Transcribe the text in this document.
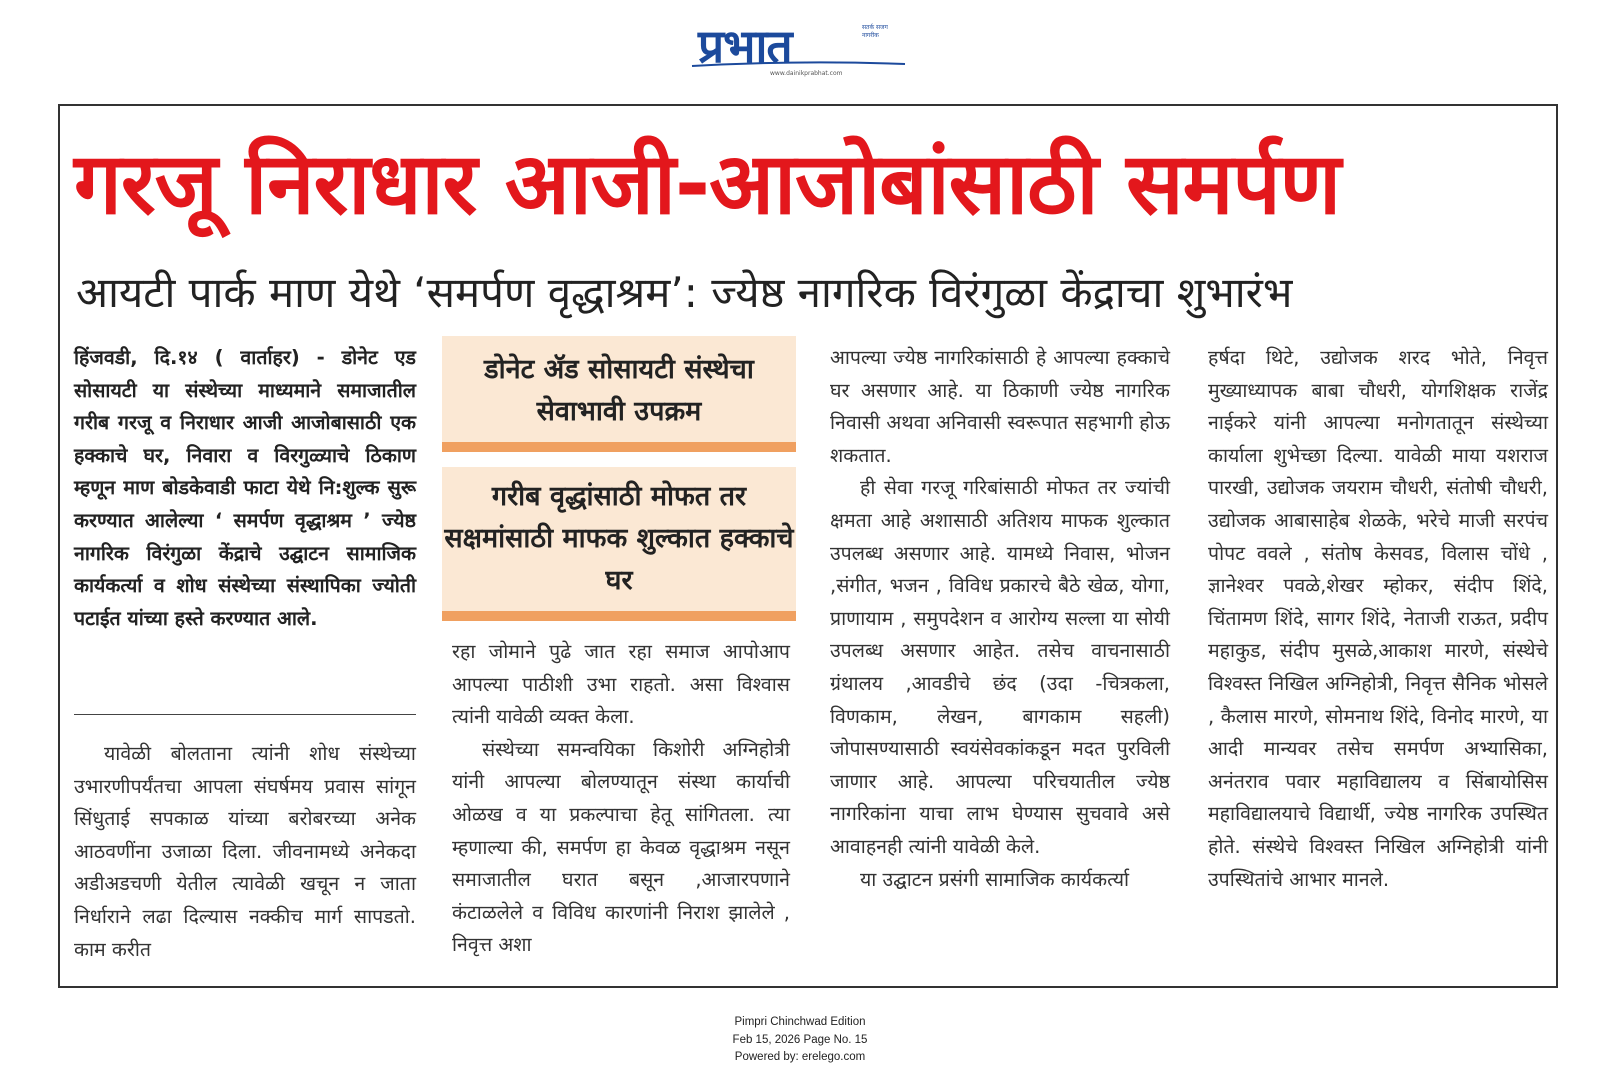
प्रभात	सतर्क सजग नागरीक
www.dainikprabhat.com
गरजू निराधार आजी-आजोबांसाठी समर्पण
आयटी पार्क माण येथे ‘समर्पण वृद्धाश्रम’: ज्येष्ठ नागरिक विरंगुळा केंद्राचा शुभारंभ

हिंजवडी, दि.१४ ( वार्ताहर) - डोनेट एड सोसायटी या संस्थेच्या माध्यमाने समाजातील गरीब गरजू व निराधार आजी आजोबासाठी एक हक्काचे घर, निवारा व विरगुळ्याचे ठिकाण म्हणून माण बोडकेवाडी फाटा येथे नि:शुल्क सुरू करण्यात आलेल्या ‘ समर्पण वृद्धाश्रम ’ ज्येष्ठ नागरिक विरंगुळा केंद्राचे उद्घाटन सामाजिक कार्यकर्त्या व शोध संस्थेच्या संस्थापिका ज्योती पटाईत यांच्या हस्ते करण्यात आले.

यावेळी बोलताना त्यांनी शोध संस्थेच्या उभारणीपर्यंतचा आपला संघर्षमय प्रवास सांगून सिंधुताई सपकाळ यांच्या बरोबरच्या अनेक आठवणींना उजाळा दिला. जीवनामध्ये अनेकदा अडीअडचणी येतील त्यावेळी खचून न जाता निर्धाराने लढा दिल्यास नक्कीच मार्ग सापडतो. काम करीत

डोनेट ॲड सोसायटी संस्थेचा सेवाभावी उपक्रम
गरीब वृद्धांसाठी मोफत तर सक्षमांसाठी माफक शुल्कात हक्काचे घर

रहा जोमाने पुढे जात रहा समाज आपोआप आपल्या पाठीशी उभा राहतो. असा विश्वास त्यांनी यावेळी व्यक्त केला.

संस्थेच्या समन्वयिका किशोरी अग्निहोत्री यांनी आपल्या बोलण्यातून संस्था कार्याची ओळख व या प्रकल्पाचा हेतू सांगितला. त्या म्हणाल्या की, समर्पण हा केवळ वृद्धाश्रम नसून समाजातील घरात बसून ,आजारपणाने कंटाळलेले व विविध कारणांनी निराश झालेले , निवृत्त अशा

आपल्या ज्येष्ठ नागरिकांसाठी हे आपल्या हक्काचे घर असणार आहे. या ठिकाणी ज्येष्ठ नागरिक निवासी अथवा अनिवासी स्वरूपात सहभागी होऊ शकतात.

ही सेवा गरजू गरिबांसाठी मोफत तर ज्यांची क्षमता आहे अशासाठी अतिशय माफक शुल्कात उपलब्ध असणार आहे. यामध्ये निवास, भोजन ,संगीत, भजन , विविध प्रकारचे बैठे खेळ, योगा, प्राणायाम , समुपदेशन व आरोग्य सल्ला या सोयी उपलब्ध असणार आहेत. तसेच वाचनासाठी ग्रंथालय ,आवडीचे छंद (उदा -चित्रकला, विणकाम, लेखन, बागकाम सहली) जोपासण्यासाठी स्वयंसेवकांकडून मदत पुरविली जाणार आहे. आपल्या परिचयातील ज्येष्ठ नागरिकांना याचा लाभ घेण्यास सुचवावे असे आवाहनही त्यांनी यावेळी केले.

या उद्घाटन प्रसंगी सामाजिक कार्यकर्त्या

हर्षदा थिटे, उद्योजक शरद भोते, निवृत्त मुख्याध्यापक बाबा चौधरी, योगशिक्षक राजेंद्र नाईकरे यांनी आपल्या मनोगतातून संस्थेच्या कार्याला शुभेच्छा दिल्या. यावेळी माया यशराज पारखी, उद्योजक जयराम चौधरी, संतोषी चौधरी, उद्योजक आबासाहेब शेळके, भरेचे माजी सरपंच पोपट ववले , संतोष केसवड, विलास चोंधे , ज्ञानेश्वर पवळे,शेखर म्होकर, संदीप शिंदे, चिंतामण शिंदे, सागर शिंदे, नेताजी राऊत, प्रदीप महाकुड, संदीप मुसळे,आकाश मारणे, संस्थेचे विश्वस्त निखिल अग्निहोत्री, निवृत्त सैनिक भोसले , कैलास मारणे, सोमनाथ शिंदे, विनोद मारणे, या आदी मान्यवर तसेच समर्पण अभ्यासिका, अनंतराव पवार महाविद्यालय व सिंबायोसिस महाविद्यालयाचे विद्यार्थी, ज्येष्ठ नागरिक उपस्थित होते. संस्थेचे विश्वस्त निखिल अग्निहोत्री यांनी उपस्थितांचे आभार मानले.

Pimpri Chinchwad Edition
Feb 15, 2026 Page No. 15
Powered by: erelego.com
